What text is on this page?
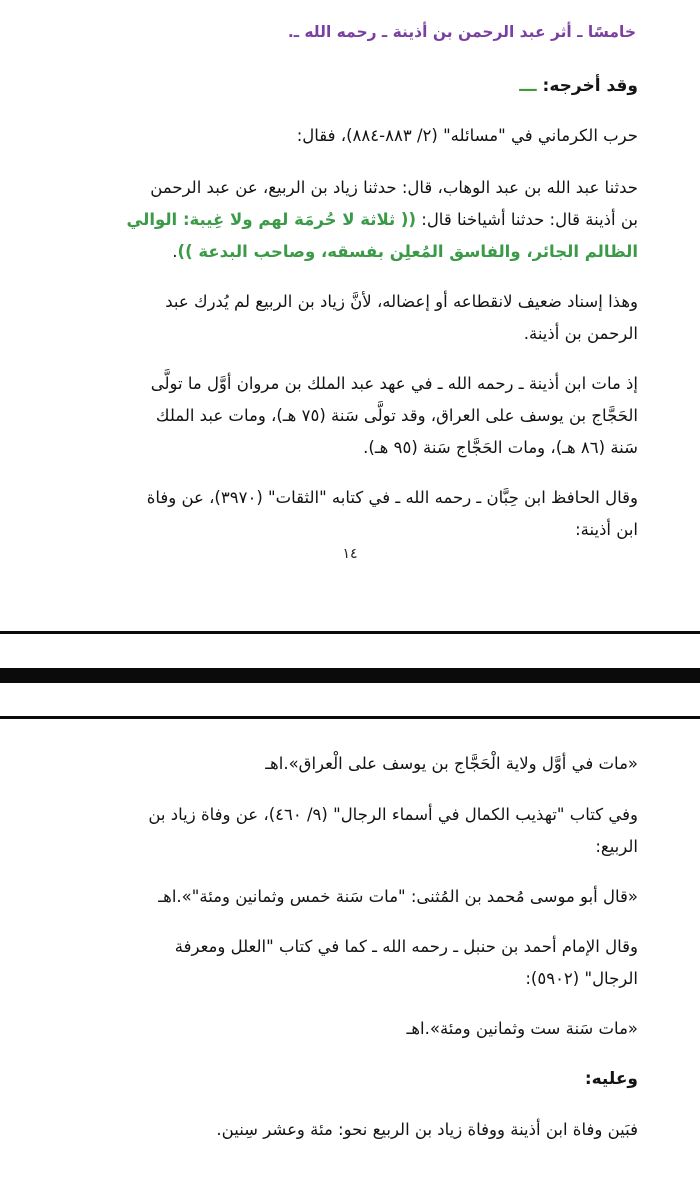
خامسًا ـ أثر عبد الرحمن بن أذينة ـ رحمه الله ـ.

وقد أخرجه: ـــ

حرب الكرماني في "مسائله" (٢/ ٨٨٣-٨٨٤)، فقال:

حدثنا عبد الله بن عبد الوهاب، قال: حدثنا زياد بن الربيع، عن عبد الرحمن

بن أذينة قال: حدثنا أشياخنا قال: (( ثلاثة لا حُرمَة لهم ولا غِيبة: الوالي

الظالم الجائر، والفاسق المُعلِن بفسقه، وصاحب البدعة )).

وهذا إسناد ضعيف لانقطاعه أو إعضاله، لأنَّ زياد بن الربيع لم يُدرك عبد

الرحمن بن أذينة.

إذ مات ابن أذينة ـ رحمه الله ـ في عهد عبد الملك بن مروان أوَّل ما تولَّى

الحَجَّاج بن يوسف على العراق، وقد تولَّى سَنة (٧٥ هـ)، ومات عبد الملك

سَنة (٨٦ هـ)، ومات الحَجَّاج سَنة (٩٥ هـ).

وقال الحافظ ابن حِبَّان ـ رحمه الله ـ في كتابه "الثقات" (٣٩٧٠)، عن وفاة

ابن أذينة:

١٤

«مات في أوَّل ولاية الْحَجَّاج بن يوسف على الْعراق».اهـ

وفي كتاب "تهذيب الكمال في أسماء الرجال" (٩/ ٤٦٠)، عن وفاة زياد بن

الربيع:

«قال أبو موسى مُحمد بن المُثنى: "مات سَنة خمس وثمانين ومئة"».اهـ

وقال الإمام أحمد بن حنبل ـ رحمه الله ـ كما في كتاب "العلل ومعرفة

الرجال" (٥٩٠٢):

«مات سَنة ست وثمانين ومئة».اهـ

وعليه:

فبَين وفاة ابن أذينة ووفاة زياد بن الربيع نحو: مئة وعشر سِنين.
